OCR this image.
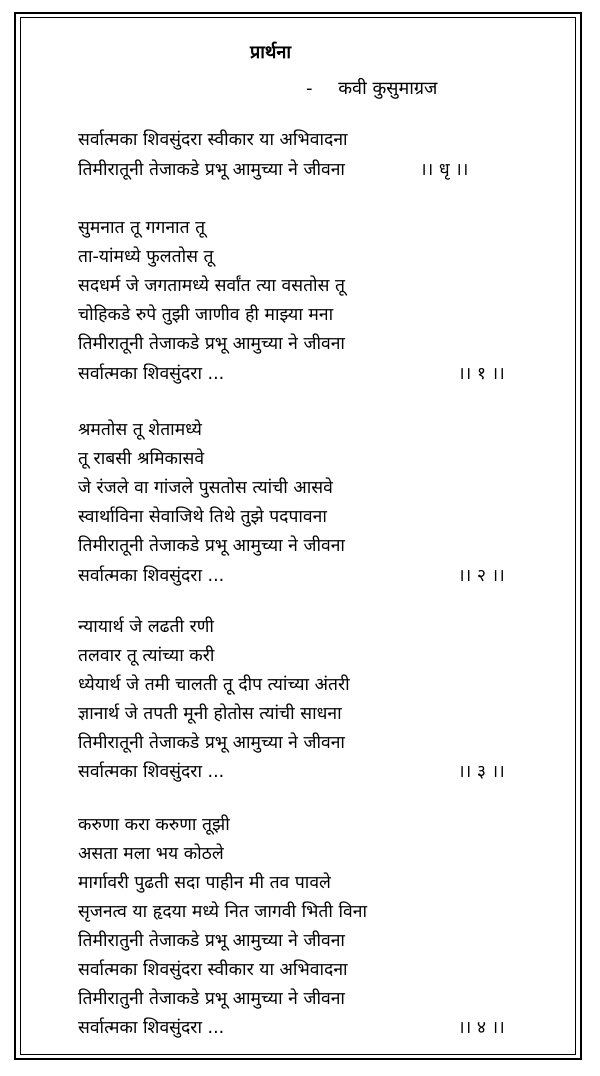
प्रार्थना
- कवी कुसुमाग्रज
सर्वात्मका शिवसुंदरा स्वीकार या अभिवादना
तिमीरातूनी तेजाकडे प्रभू आमुच्या ने जीवना	।। धृ ।।
सुमनात तू गगनात तू
ता-यांमध्ये फुलतोस तू
सदधर्म जे जगतामध्ये सर्वांत त्या वसतोस तू
चोहिकडे रुपे तुझी जाणीव ही माझ्या मना
तिमीरातूनी तेजाकडे प्रभू आमुच्या ने जीवना
सर्वात्मका शिवसुंदरा ...	।। १ ।।
श्रमतोस तू शेतामध्ये
तू राबसी श्रमिकासवे
जे रंजले वा गांजले पुसतोस त्यांची आसवे
स्वार्थाविना सेवाजिथे तिथे तुझे पदपावना
तिमीरातूनी तेजाकडे प्रभू आमुच्या ने जीवना
सर्वात्मका शिवसुंदरा ...	।। २ ।।
न्यायार्थ जे लढती रणी
तलवार तू त्यांच्या करी
ध्येयार्थ जे तमी चालती तू दीप त्यांच्या अंतरी
ज्ञानार्थ जे तपती मूनी होतोस त्यांची साधना
तिमीरातूनी तेजाकडे प्रभू आमुच्या ने जीवना
सर्वात्मका शिवसुंदरा ...	।। ३ ।।
करुणा करा करुणा तूझी
असता मला भय कोठले
मार्गावरी पुढती सदा पाहीन मी तव पावले
सृजनत्व या हृदया मध्ये नित जागवी भिती विना
तिमीरातुनी तेजाकडे प्रभू आमुच्या ने जीवना
सर्वात्मका शिवसुंदरा स्वीकार या अभिवादना
तिमीरातुनी तेजाकडे प्रभू आमुच्या ने जीवना
सर्वात्मका शिवसुंदरा ...	।। ४ ।।
